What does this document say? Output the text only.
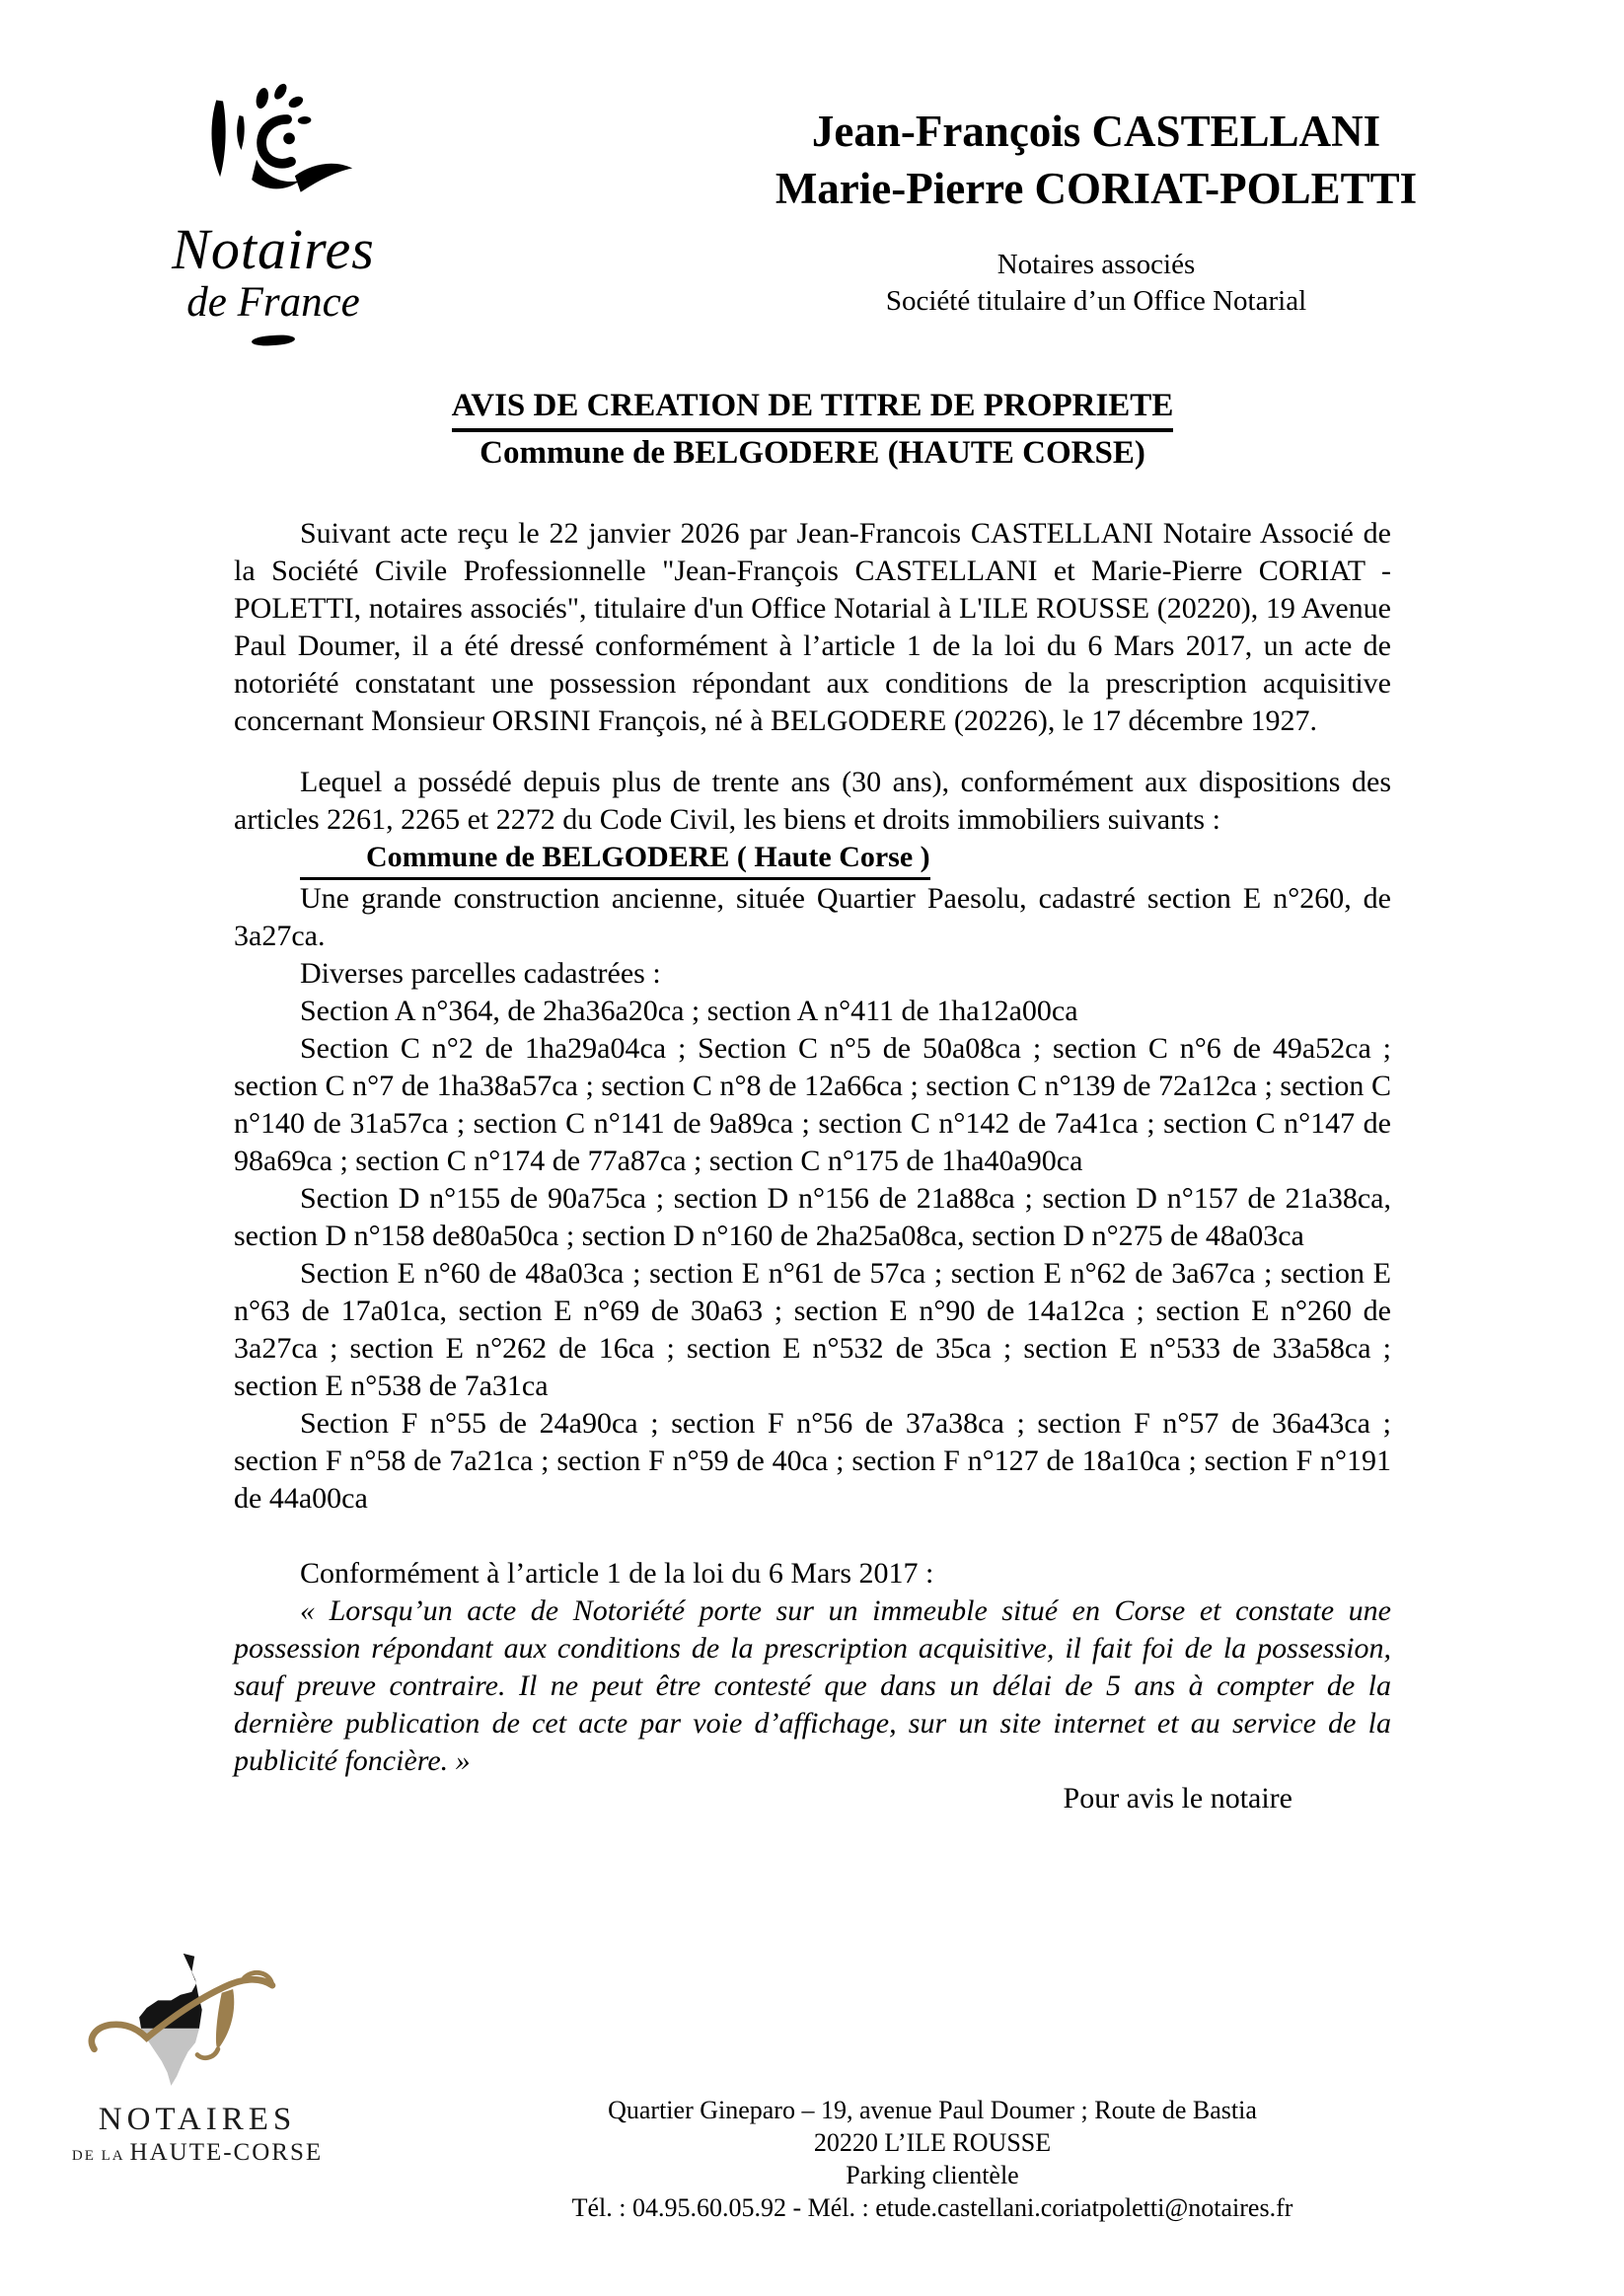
Notaires
de France
Jean-François CASTELLANI
Marie-Pierre CORIAT-POLETTI
Notaires associés
Société titulaire d’un Office Notarial
AVIS DE CREATION DE TITRE DE PROPRIETE
Commune de BELGODERE (HAUTE CORSE)

Suivant acte reçu le 22 janvier 2026 par Jean-Francois CASTELLANI Notaire Associé de la Société Civile Professionnelle "Jean-François CASTELLANI et Marie-Pierre CORIAT - POLETTI, notaires associés", titulaire d'un Office Notarial à L'ILE ROUSSE (20220), 19 Avenue Paul Doumer, il a été dressé conformément à l’article 1 de la loi du 6 Mars 2017, un acte de notoriété constatant une possession répondant aux conditions de la prescription acquisitive concernant Monsieur ORSINI François, né à BELGODERE (20226), le 17 décembre 1927.

Lequel a possédé depuis plus de trente ans (30 ans), conformément aux dispositions des articles 2261, 2265 et 2272 du Code Civil, les biens et droits immobiliers suivants :

Commune de BELGODERE ( Haute Corse )

Une grande construction ancienne, située Quartier Paesolu, cadastré section E n°260, de 3a27ca.

Diverses parcelles cadastrées :

Section A n°364, de 2ha36a20ca ; section A n°411 de 1ha12a00ca

Section C n°2 de 1ha29a04ca ; Section C n°5 de 50a08ca ; section C n°6 de 49a52ca ; section C n°7 de 1ha38a57ca ; section C n°8 de 12a66ca ; section C n°139 de 72a12ca ; section C n°140 de 31a57ca ; section C n°141 de 9a89ca ; section C n°142 de 7a41ca ; section C n°147 de 98a69ca ; section C n°174 de 77a87ca ; section C n°175 de 1ha40a90ca

Section D n°155 de 90a75ca ; section D n°156 de 21a88ca ; section D n°157 de 21a38ca, section D n°158 de80a50ca ; section D n°160 de 2ha25a08ca, section D n°275 de 48a03ca

Section E n°60 de 48a03ca ; section E n°61 de 57ca ; section E n°62 de 3a67ca ; section E n°63 de 17a01ca, section E n°69 de 30a63 ; section E n°90 de 14a12ca ; section E n°260 de 3a27ca ; section E n°262 de 16ca ; section E n°532 de 35ca ; section E n°533 de 33a58ca ; section E n°538 de 7a31ca

Section F n°55 de 24a90ca ; section F n°56 de 37a38ca ; section F n°57 de 36a43ca ; section F n°58 de 7a21ca ; section F n°59 de 40ca ; section F n°127 de 18a10ca ; section F n°191 de 44a00ca

Conformément à l’article 1 de la loi du 6 Mars 2017 :

« Lorsqu’un acte de Notoriété porte sur un immeuble situé en Corse et constate une possession répondant aux conditions de la prescription acquisitive, il fait foi de la possession, sauf preuve contraire. Il ne peut être contesté que dans un délai de 5 ans à compter de la dernière publication de cet acte par voie d’affichage, sur un site internet et au service de la publicité foncière. »

Pour avis le notaire

NOTAIRES
DE LA HAUTE-CORSE
Quartier Gineparo – 19, avenue Paul Doumer ; Route de Bastia
20220 L’ILE ROUSSE
Parking clientèle
Tél. : 04.95.60.05.92 - Mél. : etude.castellani.coriatpoletti@notaires.fr
